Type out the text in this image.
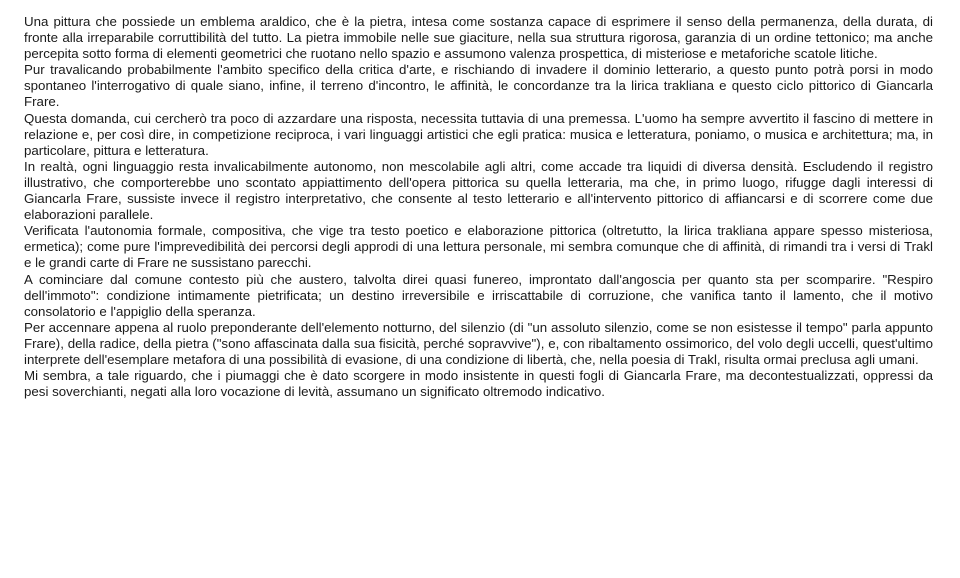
Una pittura che possiede un emblema araldico, che è la pietra, intesa come sostanza capace di esprimere il senso della permanenza, della durata, di fronte alla irreparabile corruttibilità del tutto. La pietra immobile nelle sue giaciture, nella sua struttura rigorosa, garanzia di un ordine tettonico; ma anche percepita sotto forma di elementi geometrici che ruotano nello spazio e assumono valenza prospettica, di misteriose e metaforiche scatole litiche.

Pur travalicando probabilmente l'ambito specifico della critica d'arte, e rischiando di invadere il dominio letterario, a questo punto potrà porsi in modo spontaneo l'interrogativo di quale siano, infine, il terreno d'incontro, le affinità, le concordanze tra la lirica trakliana e questo ciclo pittorico di Giancarla Frare.

Questa domanda, cui cercherò tra poco di azzardare una risposta, necessita tuttavia di una premessa. L'uomo ha sempre avvertito il fascino di mettere in relazione e, per così dire, in competizione reciproca, i vari linguaggi artistici che egli pratica: musica e letteratura, poniamo, o musica e architettura; ma, in particolare, pittura e letteratura.

In realtà, ogni linguaggio resta invalicabilmente autonomo, non mescolabile agli altri, come accade tra liquidi di diversa densità. Escludendo il registro illustrativo, che comporterebbe uno scontato appiattimento dell'opera pittorica su quella letteraria, ma che, in primo luogo, rifugge dagli interessi di Giancarla Frare, sussiste invece il registro interpretativo, che consente al testo letterario e all'intervento pittorico di affiancarsi e di scorrere come due elaborazioni parallele.

Verificata l'autonomia formale, compositiva, che vige tra testo poetico e elaborazione pittorica (oltretutto, la lirica trakliana appare spesso misteriosa, ermetica); come pure l'imprevedibilità dei percorsi degli approdi di una lettura personale, mi sembra comunque che di affinità, di rimandi tra i versi di Trakl e le grandi carte di Frare ne sussistano parecchi.

A cominciare dal comune contesto più che austero, talvolta direi quasi funereo, improntato dall'angoscia per quanto sta per scomparire. "Respiro dell'immoto": condizione intimamente pietrificata; un destino irreversibile e irriscattabile di corruzione, che vanifica tanto il lamento, che il motivo consolatorio e l'appiglio della speranza.

Per accennare appena al ruolo preponderante dell'elemento notturno, del silenzio (di "un assoluto silenzio, come se non esistesse il tempo" parla appunto Frare), della radice, della pietra ("sono affascinata dalla sua fisicità, perché sopravvive"), e, con ribaltamento ossimorico, del volo degli uccelli, quest'ultimo interprete dell'esemplare metafora di una possibilità di evasione, di una condizione di libertà, che, nella poesia di Trakl, risulta ormai preclusa agli umani.

Mi sembra, a tale riguardo, che i piumaggi che è dato scorgere in modo insistente in questi fogli di Giancarla Frare, ma decontestualizzati, oppressi da pesi soverchianti, negati alla loro vocazione di levità, assumano un significato oltremodo indicativo.
